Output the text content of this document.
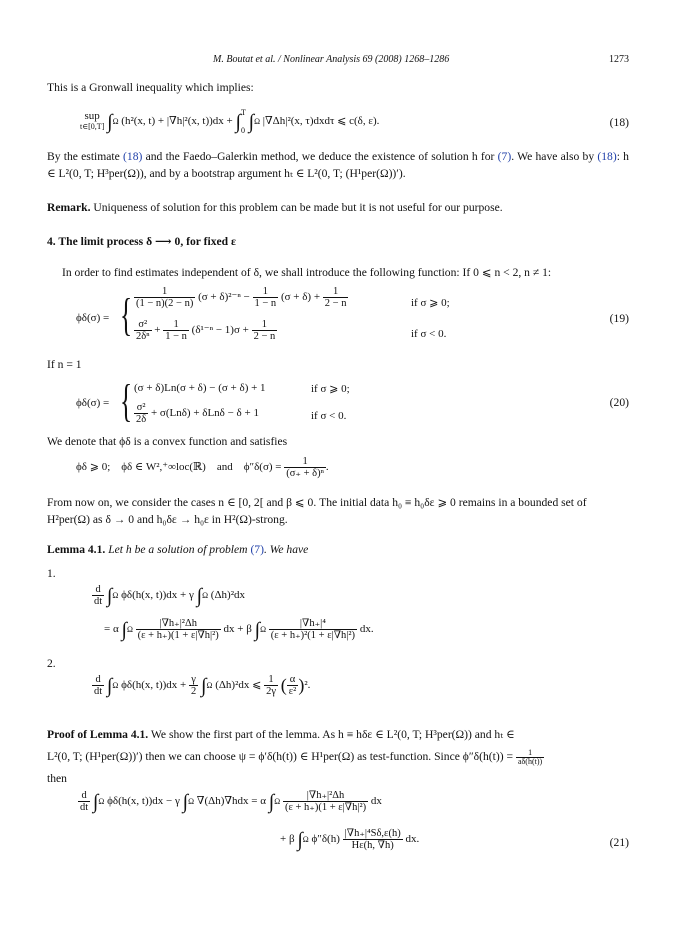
M. Boutat et al. / Nonlinear Analysis 69 (2008) 1268–1286	1273
This is a Gronwall inequality which implies:
sup
t∈[0,T] ∫Ω (h²(x, t) + |∇h|²(x, t))dx + ∫T

0 ∫Ω |∇Δh|²(x, τ)dxdτ ⩽ c(δ, ε).	(18)
By the estimate (18) and the Faedo–Galerkin method, we deduce the existence of solution h for (7). We have also by (18): h ∈ L²(0, T; H³per(Ω)), and by a bootstrap argument hₜ ∈ L²(0, T; (H¹per(Ω))′).
Remark. Uniqueness of solution for this problem can be made but it is not useful for our purpose.
4. The limit process δ ⟶ 0, for fixed ε
In order to find estimates independent of δ, we shall introduce the following function: If 0 ⩽ n < 2, n ≠ 1:
ϕδ(σ) = { $\frac{1}{(1 - n)(2 - n)} (\sigma + \delta)^{2-n} - \frac{1}{1 - n} (\sigma + \delta) + \frac{1}{2 - n}$	if σ ⩾ 0;
$\frac{\text{σ²}}{\text{2δⁿ}} + \frac{1}{1 - n} (\delta^{1-n} - 1)\sigma + \frac{1}{2 - n}$	if σ < 0.
(19)
If n = 1
ϕδ(σ) = { (σ + δ)Ln(σ + δ) − (σ + δ) + 1	if σ ⩾ 0;
$\frac{\text{σ²}}{2\delta} + \sigma(Ln\delta) + \delta Ln\delta - \delta + 1$	if σ < 0.
(20)
We denote that ϕδ is a convex function and satisfies
ϕδ ⩾ 0; ϕδ ∈ W²,⁺∞loc(ℝ) and $\phi''\delta(\sigma) = \frac{1}{\text{(σ₊ + δ)ⁿ}}$ .
From now on, we consider the cases n ∈ [0, 2[ and β ⩽ 0. The initial data h₀ ≡ h₀δε ⩾ 0 remains in a bounded set of
H²per(Ω) as δ → 0 and h₀δε → h₀ε in H²(Ω)-strong.
Lemma 4.1. Let h be a solution of problem (7). We have
1.
$\frac{d}{dt} \int\Omega$ ϕδ(h(x, t))dx + γ ∫Ω (Δh)²dx
= α $\int\Omega \frac{\text{|∇h₊|²Δh}}{\text{(ε + h₊)(1 + ε|∇h|²)}}$ dx + β $\int\Omega \frac{\text{|∇h₊|⁴}}{\text{(ε + h₊)²(1 + ε|∇h|²)}}$ dx.
2.
$\frac{d}{dt} \int\Omega$ ϕδ(h(x, $t))dx + \frac{\gamma}{2} \int\Omega$ (Δh)²dx ⩽ $\frac{1}{2\gamma}$ ( $\frac{\alpha}{\text{ε²}} )^2$.
Proof of Lemma 4.1. We show the first part of the lemma. As h ≡ hδε ∈ L²(0, T; H³per(Ω)) and hₜ ∈
L²(0, T; (H¹per(Ω))′) then we can choose ψ = ϕ′δ(h(t)) ∈ H¹per(Ω) as test-function. Since $\phi''\delta(h(t)) = \frac{1}{a\delta(h(t))}$

then
$\frac{d}{dt} \int\Omega$ ϕδ(h(x, t))dx − γ ∫Ω ∇(Δh)∇hdx = α $\int\Omega \frac{\text{|∇h₊|²Δh}}{\text{(ε + h₊)(1 + ε|∇h|²)}}$ dx
+ β ∫Ω $\phi''\delta(h) \frac{\text{|∇h₊|⁴Sδ,ε(h)}}{H\varepsilon(h, \nabla h)}$ dx.	(21)
